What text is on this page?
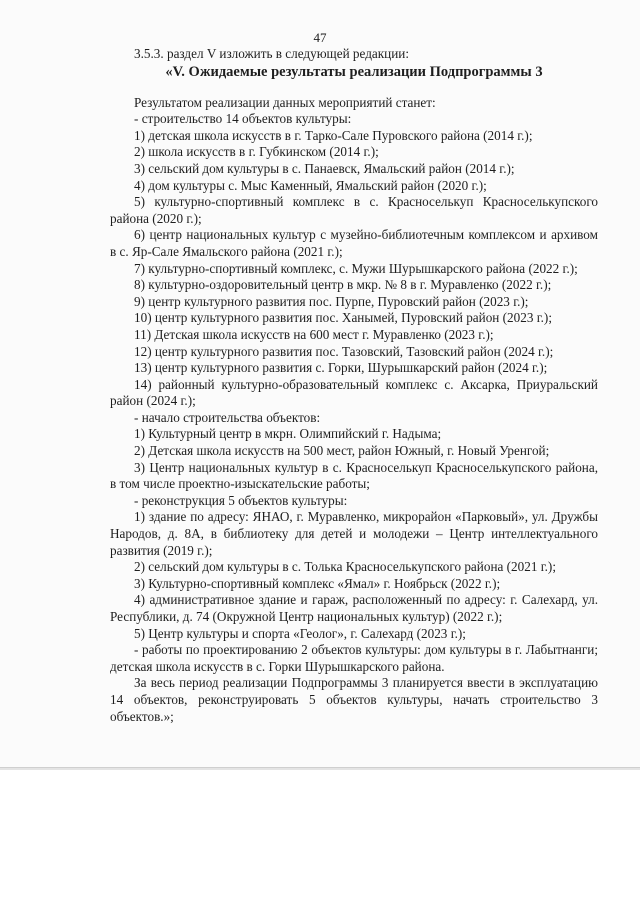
47

3.5.3. раздел V изложить в следующей редакции:

«V. Ожидаемые результаты реализации Подпрограммы 3

Результатом реализации данных мероприятий станет:

- строительство 14 объектов культуры:

1) детская школа искусств в г. Тарко-Сале Пуровского района (2014 г.);

2) школа искусств в г. Губкинском (2014 г.);

3) сельский дом культуры в с. Панаевск, Ямальский район (2014 г.);

4) дом культуры с. Мыс Каменный, Ямальский район (2020 г.);

5) культурно-спортивный комплекс в с. Красноселькуп Красноселькупского района (2020 г.);

6) центр национальных культур с музейно-библиотечным комплексом и архивом в с. Яр-Сале Ямальского района (2021 г.);

7) культурно-спортивный комплекс, с. Мужи Шурышкарского района (2022 г.);

8) культурно-оздоровительный центр в мкр. № 8 в г. Муравленко (2022 г.);

9) центр культурного развития пос. Пурпе, Пуровский район (2023 г.);

10) центр культурного развития пос. Ханымей, Пуровский район (2023 г.);

11) Детская школа искусств на 600 мест г. Муравленко (2023 г.);

12) центр культурного развития пос. Тазовский, Тазовский район (2024 г.);

13) центр культурного развития с. Горки, Шурышкарский район (2024 г.);

14) районный культурно-образовательный комплекс с. Аксарка, Приуральский район (2024 г.);

- начало строительства объектов:

1) Культурный центр в мкрн. Олимпийский г. Надыма;

2) Детская школа искусств на 500 мест, район Южный, г. Новый Уренгой;

3) Центр национальных культур в с. Красноселькуп Красноселькупского района, в том числе проектно-изыскательские работы;

- реконструкция 5 объектов культуры:

1) здание по адресу: ЯНАО, г. Муравленко, микрорайон «Парковый», ул. Дружбы Народов, д. 8А, в библиотеку для детей и молодежи – Центр интеллектуального развития (2019 г.);

2) сельский дом культуры в с. Толька Красноселькупского района (2021 г.);

3) Культурно-спортивный комплекс «Ямал» г. Ноябрьск (2022 г.);

4) административное здание и гараж, расположенный по адресу: г. Салехард, ул. Республики, д. 74 (Окружной Центр национальных культур) (2022 г.);

5) Центр культуры и спорта «Геолог», г. Салехард (2023 г.);

- работы по проектированию 2 объектов культуры: дом культуры в г. Лабытнанги; детская школа искусств в с. Горки Шурышкарского района.

За весь период реализации Подпрограммы 3 планируется ввести в эксплуатацию 14 объектов, реконструировать 5 объектов культуры, начать строительство 3 объектов.»;
